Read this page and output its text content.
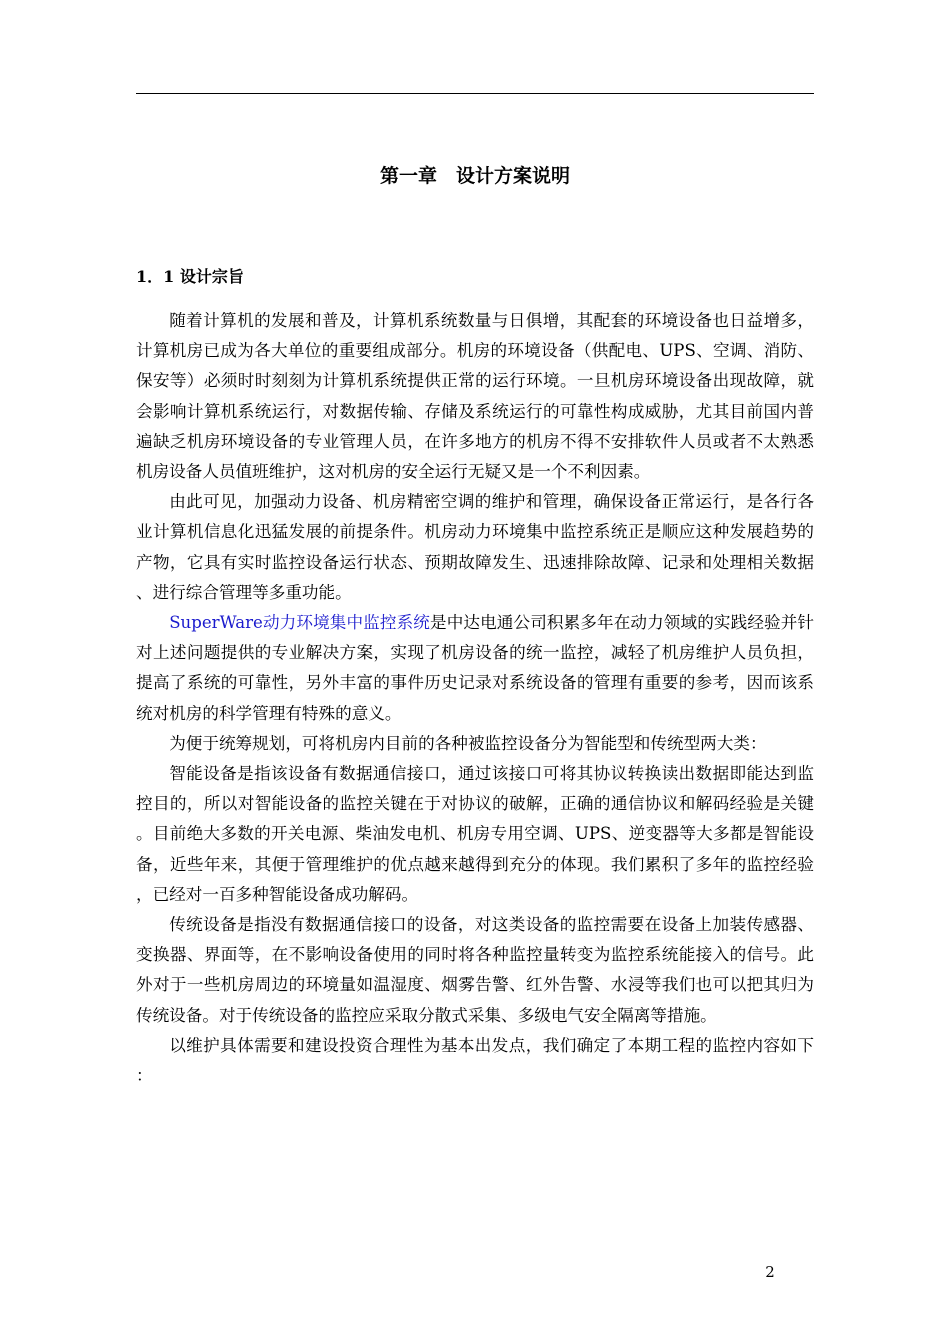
第一章　设计方案说明
1．1 设计宗旨

随着计算机的发展和普及，计算机系统数量与日俱增，其配套的环境设备也日益增多，计算机房已成为各大单位的重要组成部分。机房的环境设备（供配电、UPS、空调、消防、保安等）必须时时刻刻为计算机系统提供正常的运行环境。一旦机房环境设备出现故障，就会影响计算机系统运行，对数据传输、存储及系统运行的可靠性构成威胁，尤其目前国内普遍缺乏机房环境设备的专业管理人员，在许多地方的机房不得不安排软件人员或者不太熟悉机房设备人员值班维护，这对机房的安全运行无疑又是一个不利因素。

由此可见，加强动力设备、机房精密空调的维护和管理，确保设备正常运行，是各行各业计算机信息化迅猛发展的前提条件。机房动力环境集中监控系统正是顺应这种发展趋势的产物，它具有实时监控设备运行状态、预期故障发生、迅速排除故障、记录和处理相关数据、进行综合管理等多重功能。

SuperWare动力环境集中监控系统是中达电通公司积累多年在动力领域的实践经验并针对上述问题提供的专业解决方案，实现了机房设备的统一监控，减轻了机房维护人员负担，提高了系统的可靠性，另外丰富的事件历史记录对系统设备的管理有重要的参考，因而该系统对机房的科学管理有特殊的意义。

为便于统筹规划，可将机房内目前的各种被监控设备分为智能型和传统型两大类：

智能设备是指该设备有数据通信接口，通过该接口可将其协议转换读出数据即能达到监控目的，所以对智能设备的监控关键在于对协议的破解，正确的通信协议和解码经验是关键。目前绝大多数的开关电源、柴油发电机、机房专用空调、UPS、逆变器等大多都是智能设备，近些年来，其便于管理维护的优点越来越得到充分的体现。我们累积了多年的监控经验，已经对一百多种智能设备成功解码。

传统设备是指没有数据通信接口的设备，对这类设备的监控需要在设备上加装传感器、变换器、界面等，在不影响设备使用的同时将各种监控量转变为监控系统能接入的信号。此外对于一些机房周边的环境量如温湿度、烟雾告警、红外告警、水浸等我们也可以把其归为传统设备。对于传统设备的监控应采取分散式采集、多级电气安全隔离等措施。

以维护具体需要和建设投资合理性为基本出发点，我们确定了本期工程的监控内容如下：

2
